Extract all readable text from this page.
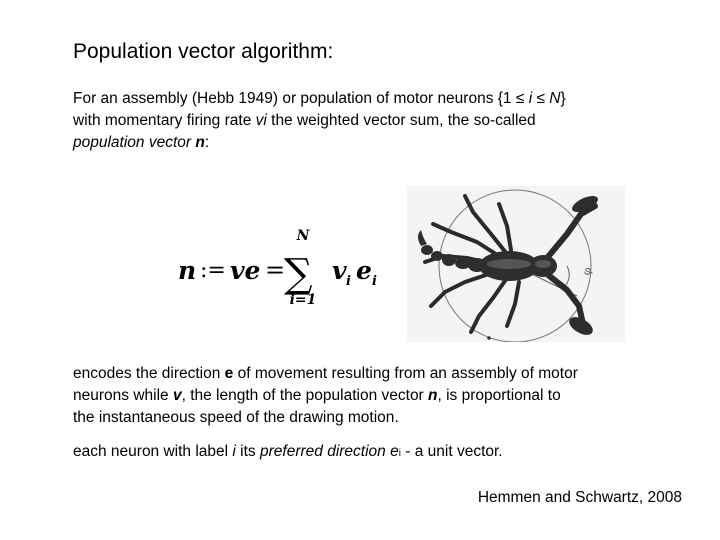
Population vector algorithm:

For an assembly (Hebb 1949) or population of motor neurons {1 ≤ i ≤ N}
with momentary firing rate vi the weighted vector sum, the so-called
population vector n:

n := ve =
∑
N
i=1
v i e i
φ

encodes the direction e of movement resulting from an assembly of motor
neurons while v, the length of the population vector n, is proportional to
the instantaneous speed of the drawing motion.

each neuron with label i its preferred direction ei - a unit vector.

Hemmen and Schwartz, 2008
